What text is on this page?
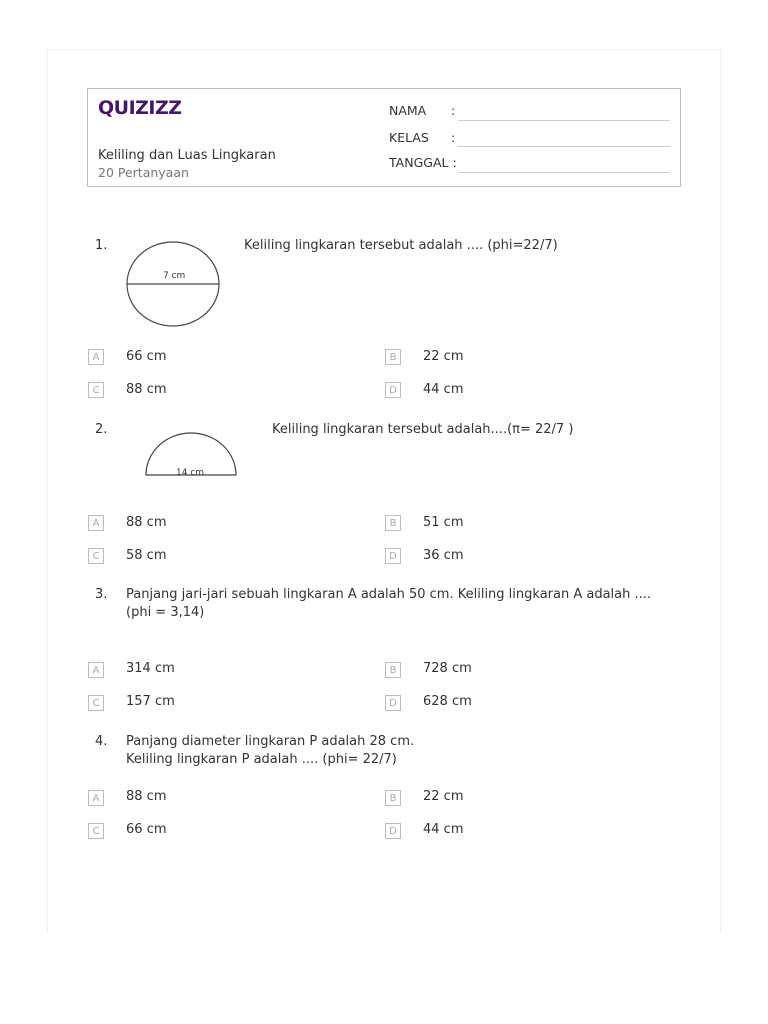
QUIZIZZ
Keliling dan Luas Lingkaran
20 Pertanyaan
NAMA :
KELAS :
TANGGAL :
1.
7 cm
Keliling lingkaran tersebut adalah .... (phi=22/7)
A	66 cm	B	22 cm
C	88 cm	D	44 cm
2.
14 cm
Keliling lingkaran tersebut adalah....(π= 22/7 )
A	88 cm	B	51 cm
C	58 cm	D	36 cm
3. Panjang jari-jari sebuah lingkaran A adalah 50 cm. Keliling lingkaran A adalah ....
(phi = 3,14)
A	314 cm	B	728 cm
C	157 cm	D	628 cm
4. Panjang diameter lingkaran P adalah 28 cm.
Keliling lingkaran P adalah .... (phi= 22/7)
A	88 cm	B	22 cm
C	66 cm	D	44 cm
